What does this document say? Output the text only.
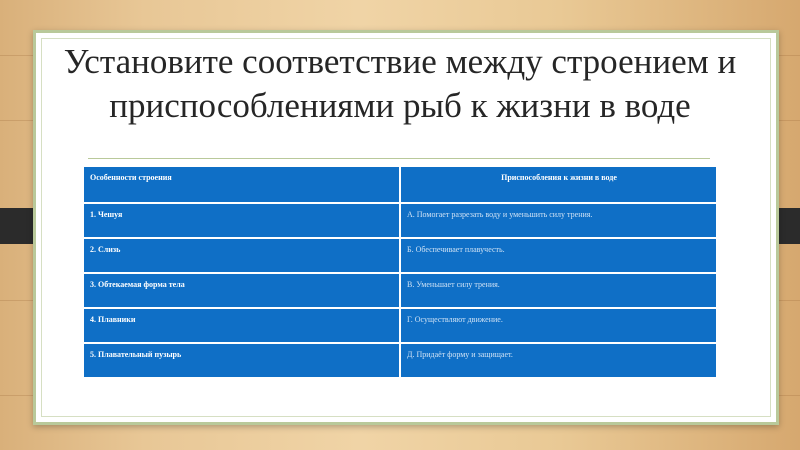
Установите соответствие между строением и
приспособлениями рыб к жизни в воде
Особенности строения	Приспособления к жизни в воде
1. Чешуя	А. Помогает разрезать воду и уменьшить силу трения.
2. Слизь	Б. Обеспечивает плавучесть.
3. Обтекаемая форма тела	В. Уменьшает силу трения.
4. Плавники	Г. Осуществляют движение.
5. Плавательный пузырь	Д. Придаёт форму и защищает.
